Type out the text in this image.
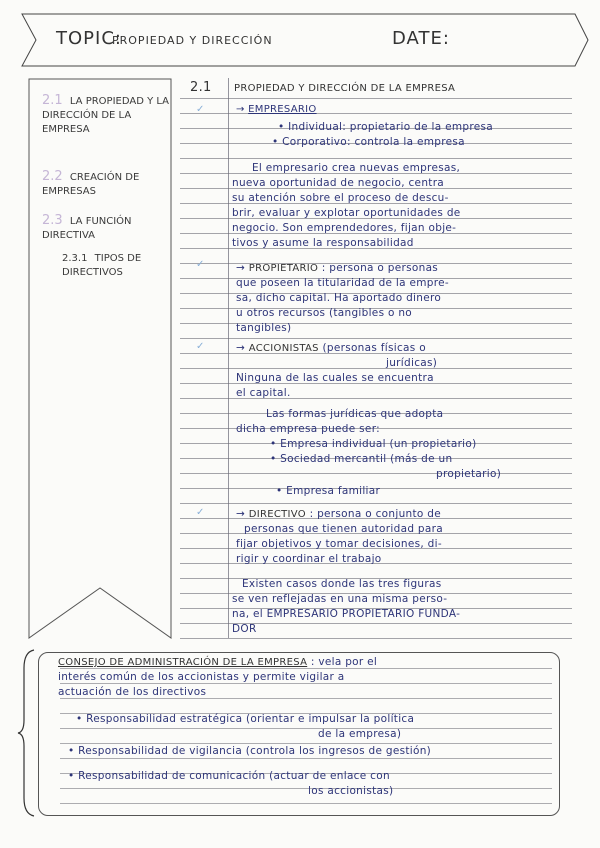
TOPIC:
PROPIEDAD Y DIRECCIÓN	DATE:
2.1 LA PROPIEDAD Y LA DIRECCIÓN DE LA EMPRESA
2.2 CREACIÓN DE EMPRESAS
2.3 LA FUNCIÓN DIRECTIVA
2.3.1 TIPOS DE DIRECTIVOS
2.1 PROPIEDAD Y DIRECCIÓN DE LA EMPRESA
✓	→ EMPRESARIO
• Individual: propietario de la empresa
• Corporativo: controla la empresa
El empresario crea nuevas empresas,
nueva oportunidad de negocio, centra
su atención sobre el proceso de descu-
brir, evaluar y explotar oportunidades de
negocio. Son emprendedores, fijan obje-
tivos y asume la responsabilidad
✓	→ PROPIETARIO : persona o personas
que poseen la titularidad de la empre-
sa, dicho capital. Ha aportado dinero
u otros recursos (tangibles o no
tangibles)
✓	→ ACCIONISTAS (personas físicas o
jurídicas)
Ninguna de las cuales se encuentra
el capital.
Las formas jurídicas que adopta
dicha empresa puede ser:
• Empresa individual (un propietario)
• Sociedad mercantil (más de un
propietario)
• Empresa familiar
✓	→ DIRECTIVO : persona o conjunto de
personas que tienen autoridad para
fijar objetivos y tomar decisiones, di-
rigir y coordinar el trabajo
Existen casos donde las tres figuras
se ven reflejadas en una misma perso-
na, el EMPRESARIO PROPIETARIO FUNDA-
DOR
CONSEJO DE ADMINISTRACIÓN DE LA EMPRESA : vela por el
interés común de los accionistas y permite vigilar a
actuación de los directivos
• Responsabilidad estratégica (orientar e impulsar la política
de la empresa)
• Responsabilidad de vigilancia (controla los ingresos de gestión)
• Responsabilidad de comunicación (actuar de enlace con
los accionistas)
